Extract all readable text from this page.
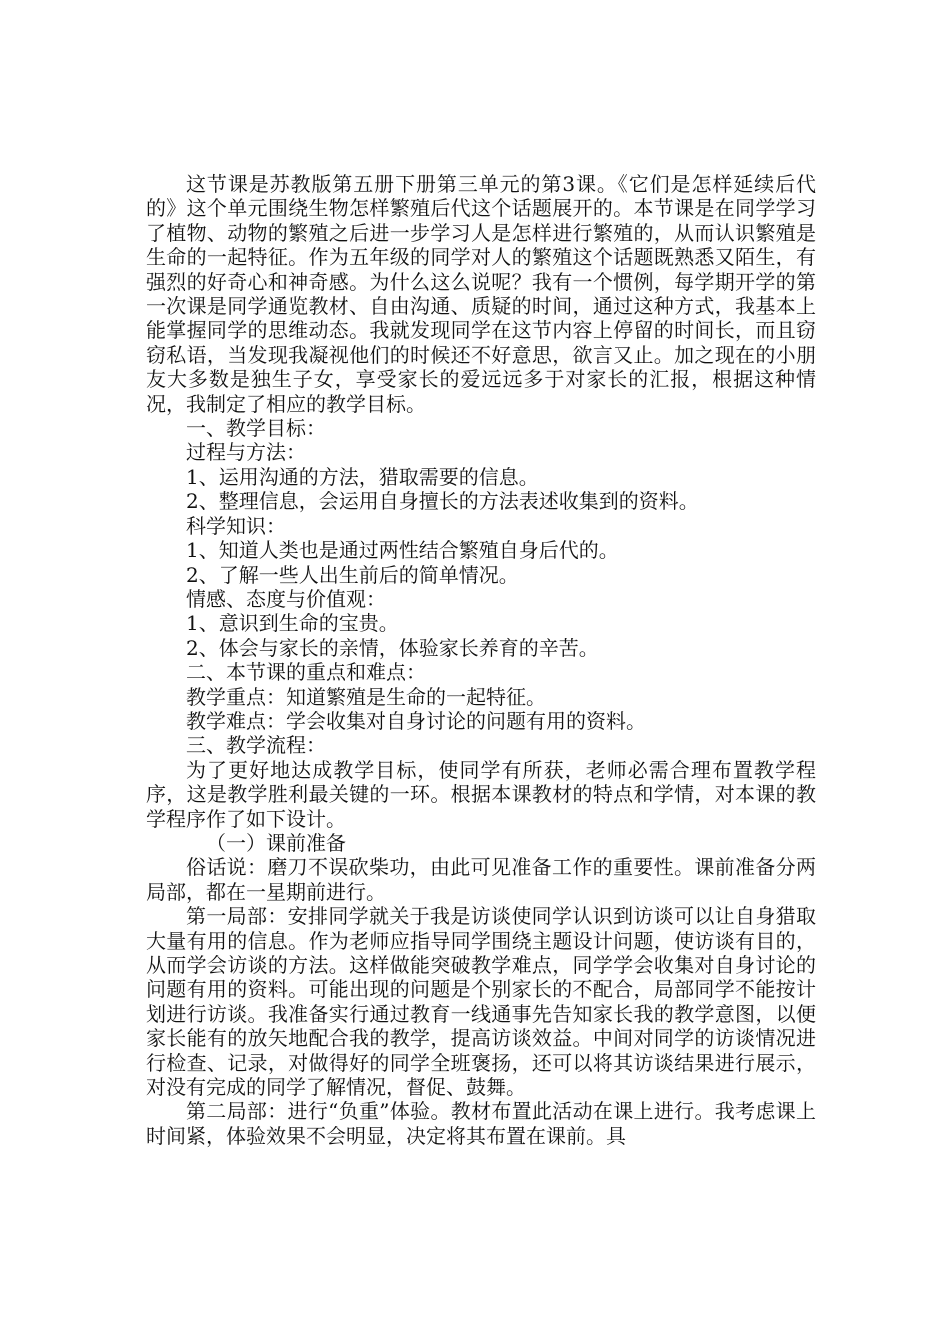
这节课是苏教版第五册下册第三单元的第3课。《它们是怎样延续后代的》这个单元围绕生物怎样繁殖后代这个话题展开的。本节课是在同学学习了植物、动物的繁殖之后进一步学习人是怎样进行繁殖的，从而认识繁殖是生命的一起特征。作为五年级的同学对人的繁殖这个话题既熟悉又陌生，有强烈的好奇心和神奇感。为什么这么说呢？我有一个惯例，每学期开学的第一次课是同学通览教材、自由沟通、质疑的时间，通过这种方式，我基本上能掌握同学的思维动态。我就发现同学在这节内容上停留的时间长，而且窃窃私语，当发现我凝视他们的时候还不好意思，欲言又止。加之现在的小朋友大多数是独生子女，享受家长的爱远远多于对家长的汇报，根据这种情况，我制定了相应的教学目标。

一、教学目标：

过程与方法：

1、运用沟通的方法，猎取需要的信息。

2、整理信息，会运用自身擅长的方法表述收集到的资料。

科学知识：

1、知道人类也是通过两性结合繁殖自身后代的。

2、了解一些人出生前后的简单情况。

情感、态度与价值观：

1、意识到生命的宝贵。

2、体会与家长的亲情，体验家长养育的辛苦。

二、本节课的重点和难点：

教学重点：知道繁殖是生命的一起特征。

教学难点：学会收集对自身讨论的问题有用的资料。

三、教学流程：

为了更好地达成教学目标，使同学有所获，老师必需合理布置教学程序，这是教学胜利最关键的一环。根据本课教材的特点和学情，对本课的教学程序作了如下设计。

（一）课前准备

俗话说：磨刀不误砍柴功，由此可见准备工作的重要性。课前准备分两局部，都在一星期前进行。

第一局部：安排同学就关于我是访谈使同学认识到访谈可以让自身猎取大量有用的信息。作为老师应指导同学围绕主题设计问题，使访谈有目的，从而学会访谈的方法。这样做能突破教学难点，同学学会收集对自身讨论的问题有用的资料。可能出现的问题是个别家长的不配合，局部同学不能按计划进行访谈。我准备实行通过教育一线通事先告知家长我的教学意图，以便家长能有的放矢地配合我的教学，提高访谈效益。中间对同学的访谈情况进行检查、记录，对做得好的同学全班褒扬，还可以将其访谈结果进行展示，对没有完成的同学了解情况，督促、鼓舞。

第二局部：进行“负重”体验。教材布置此活动在课上进行。我考虑课上时间紧，体验效果不会明显，决定将其布置在课前。具
